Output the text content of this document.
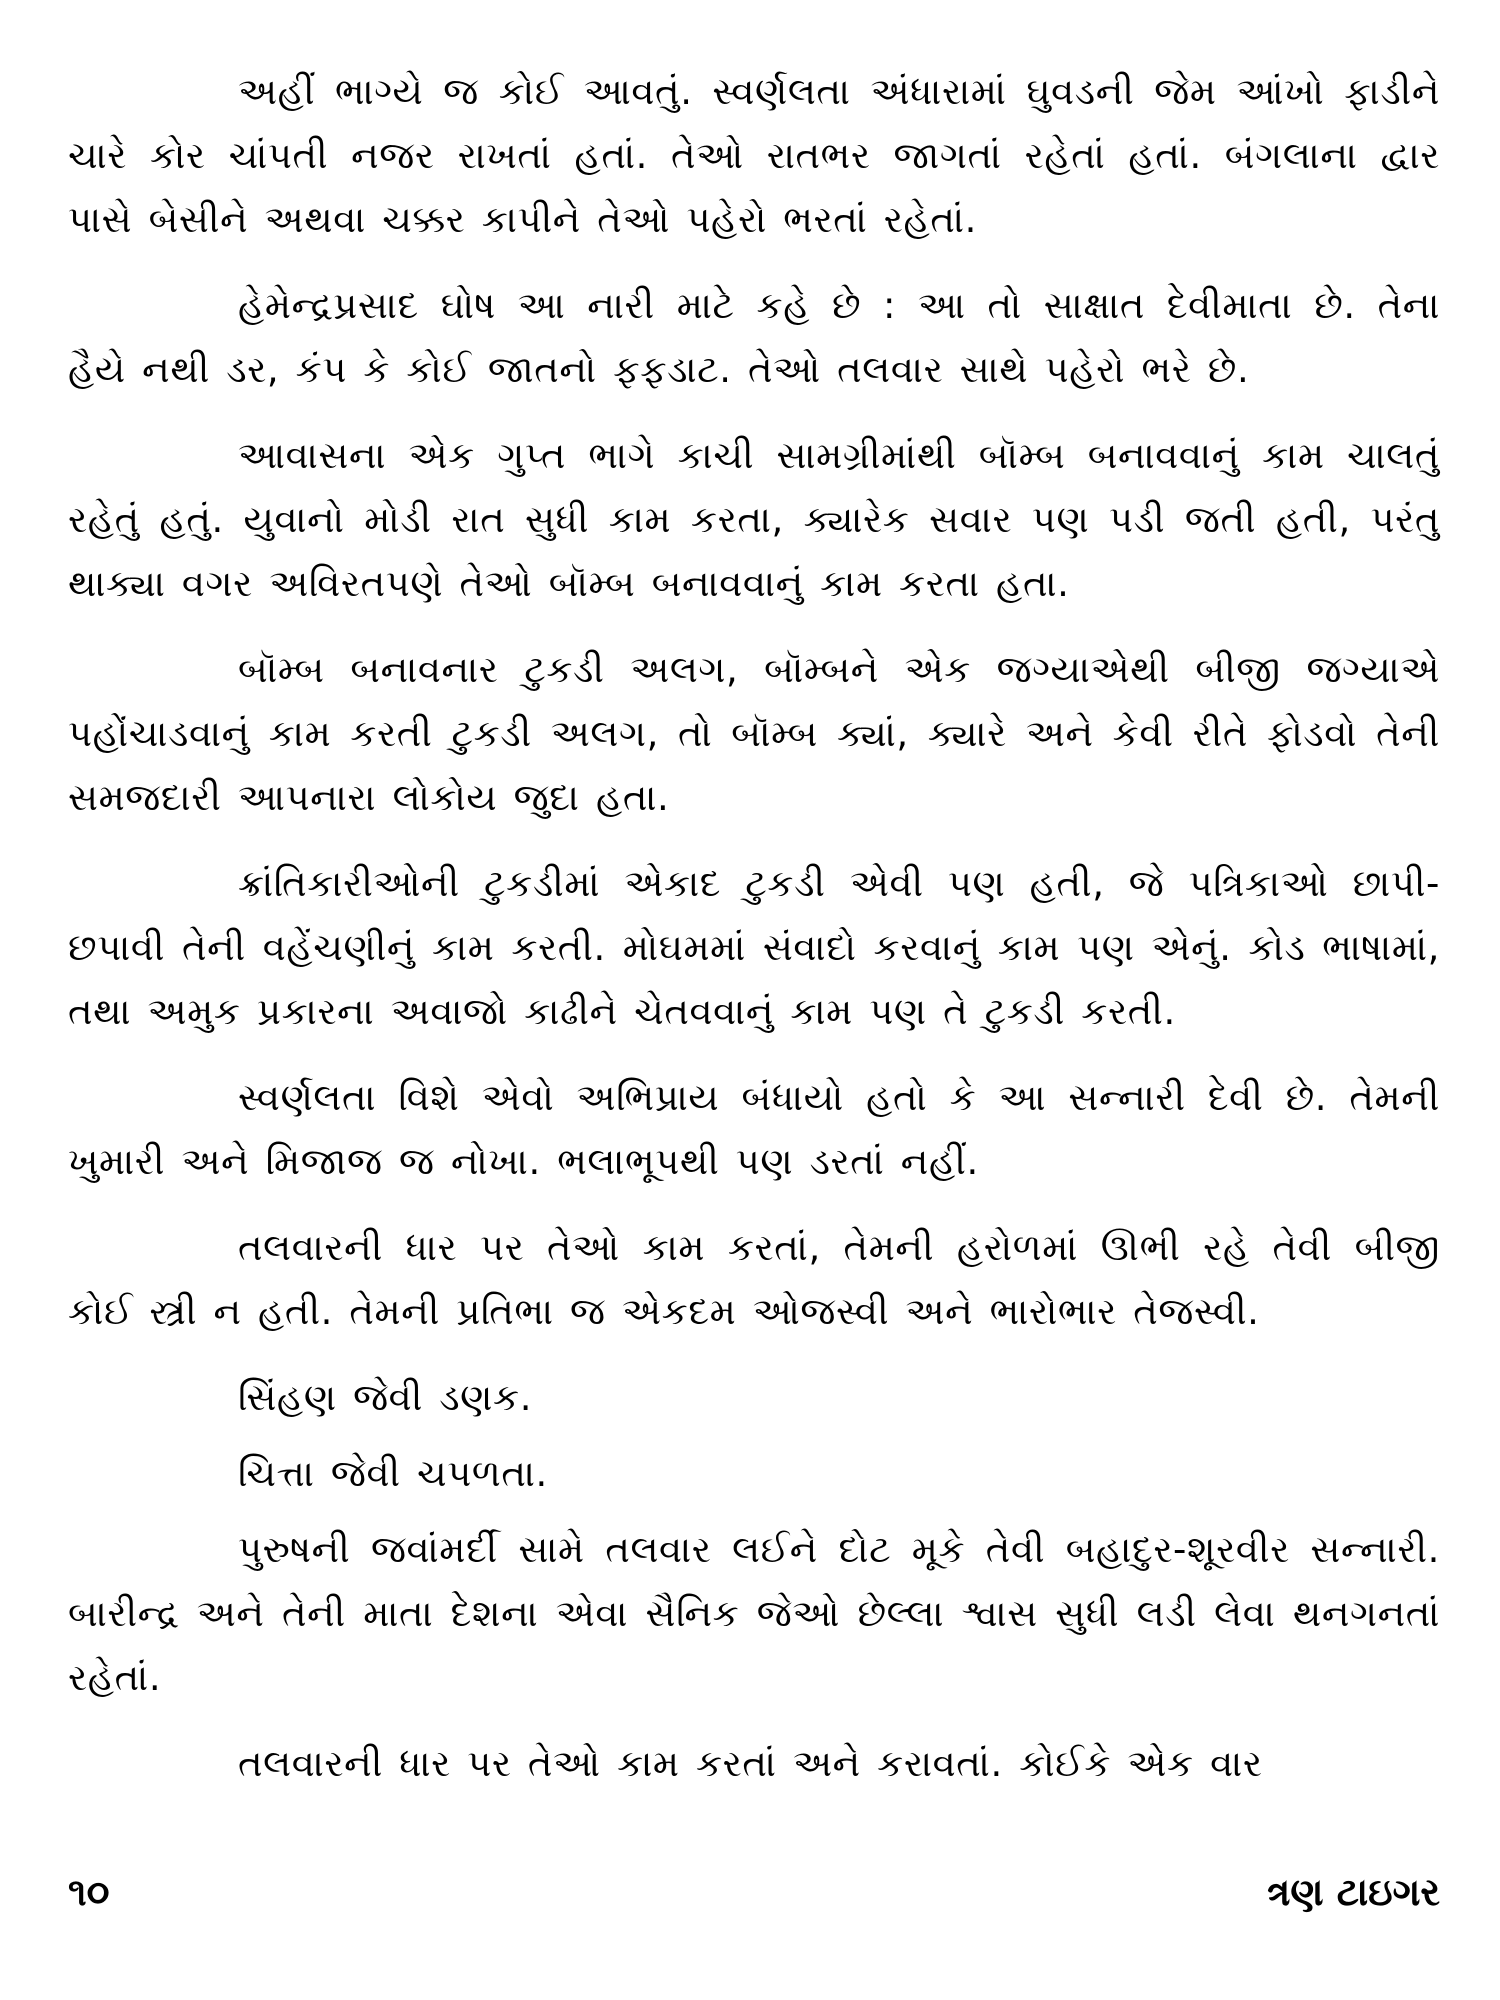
અહીં ભાગ્યે જ કોઈ આવતું. સ્વર્ણલતા અંધારામાં ઘુવડની જેમ આંખો ફાડીને ચારે કોર ચાંપતી નજર રાખતાં હતાં. તેઓ રાતભર જાગતાં રહેતાં હતાં. બંગલાના દ્વાર પાસે બેસીને અથવા ચક્કર કાપીને તેઓ પહેરો ભરતાં રહેતાં.

હેમેન્દ્રપ્રસાદ ઘોષ આ નારી માટે કહે છે : આ તો સાક્ષાત દેવીમાતા છે. તેના હૈયે નથી ડર, કંપ કે કોઈ જાતનો ફફડાટ. તેઓ તલવાર સાથે પહેરો ભરે છે.

આવાસના એક ગુપ્ત ભાગે કાચી સામગ્રીમાંથી બૉમ્બ બનાવવાનું કામ ચાલતું રહેતું હતું. યુવાનો મોડી રાત સુધી કામ કરતા, ક્યારેક સવાર પણ પડી જતી હતી, પરંતુ થાક્યા વગર અવિરતપણે તેઓ બૉમ્બ બનાવવાનું કામ કરતા હતા.

બૉમ્બ બનાવનાર ટુકડી અલગ, બૉમ્બને એક જગ્યાએથી બીજી જગ્યાએ પહોંચાડવાનું કામ કરતી ટુકડી અલગ, તો બૉમ્બ ક્યાં, ક્યારે અને કેવી રીતે ફોડવો તેની સમજદારી આપનારા લોકોય જુદા હતા.

ક્રાંતિકારીઓની ટુકડીમાં એકાદ ટુકડી એવી પણ હતી, જે પત્રિકાઓ છાપી-છપાવી તેની વહેંચણીનું કામ કરતી. મોઘમમાં સંવાદો કરવાનું કામ પણ એનું. કોડ ભાષામાં, તથા અમુક પ્રકારના અવાજો કાઢીને ચેતવવાનું કામ પણ તે ટુકડી કરતી.

સ્વર્ણલતા વિશે એવો અભિપ્રાય બંધાયો હતો કે આ સન્નારી દેવી છે. તેમની ખુમારી અને મિજાજ જ નોખા. ભલાભૂપથી પણ ડરતાં નહીં.

તલવારની ધાર પર તેઓ કામ કરતાં, તેમની હરોળમાં ઊભી રહે તેવી બીજી કોઈ સ્ત્રી ન હતી. તેમની પ્રતિભા જ એકદમ ઓજસ્વી અને ભારોભાર તેજસ્વી.

સિંહણ જેવી ડણક.

ચિત્તા જેવી ચપળતા.

પુરુષની જવાંમર્દી સામે તલવાર લઈને દોટ મૂકે તેવી બહાદુર-શૂરવીર સન્નારી. બારીન્દ્ર અને તેની માતા દેશના એવા સૈનિક જેઓ છેલ્લા શ્વાસ સુધી લડી લેવા થનગનતાં રહેતાં.

તલવારની ધાર પર તેઓ કામ કરતાં અને કરાવતાં. કોઈકે એક વાર

૧૦	ત્રણ ટાઇગર
